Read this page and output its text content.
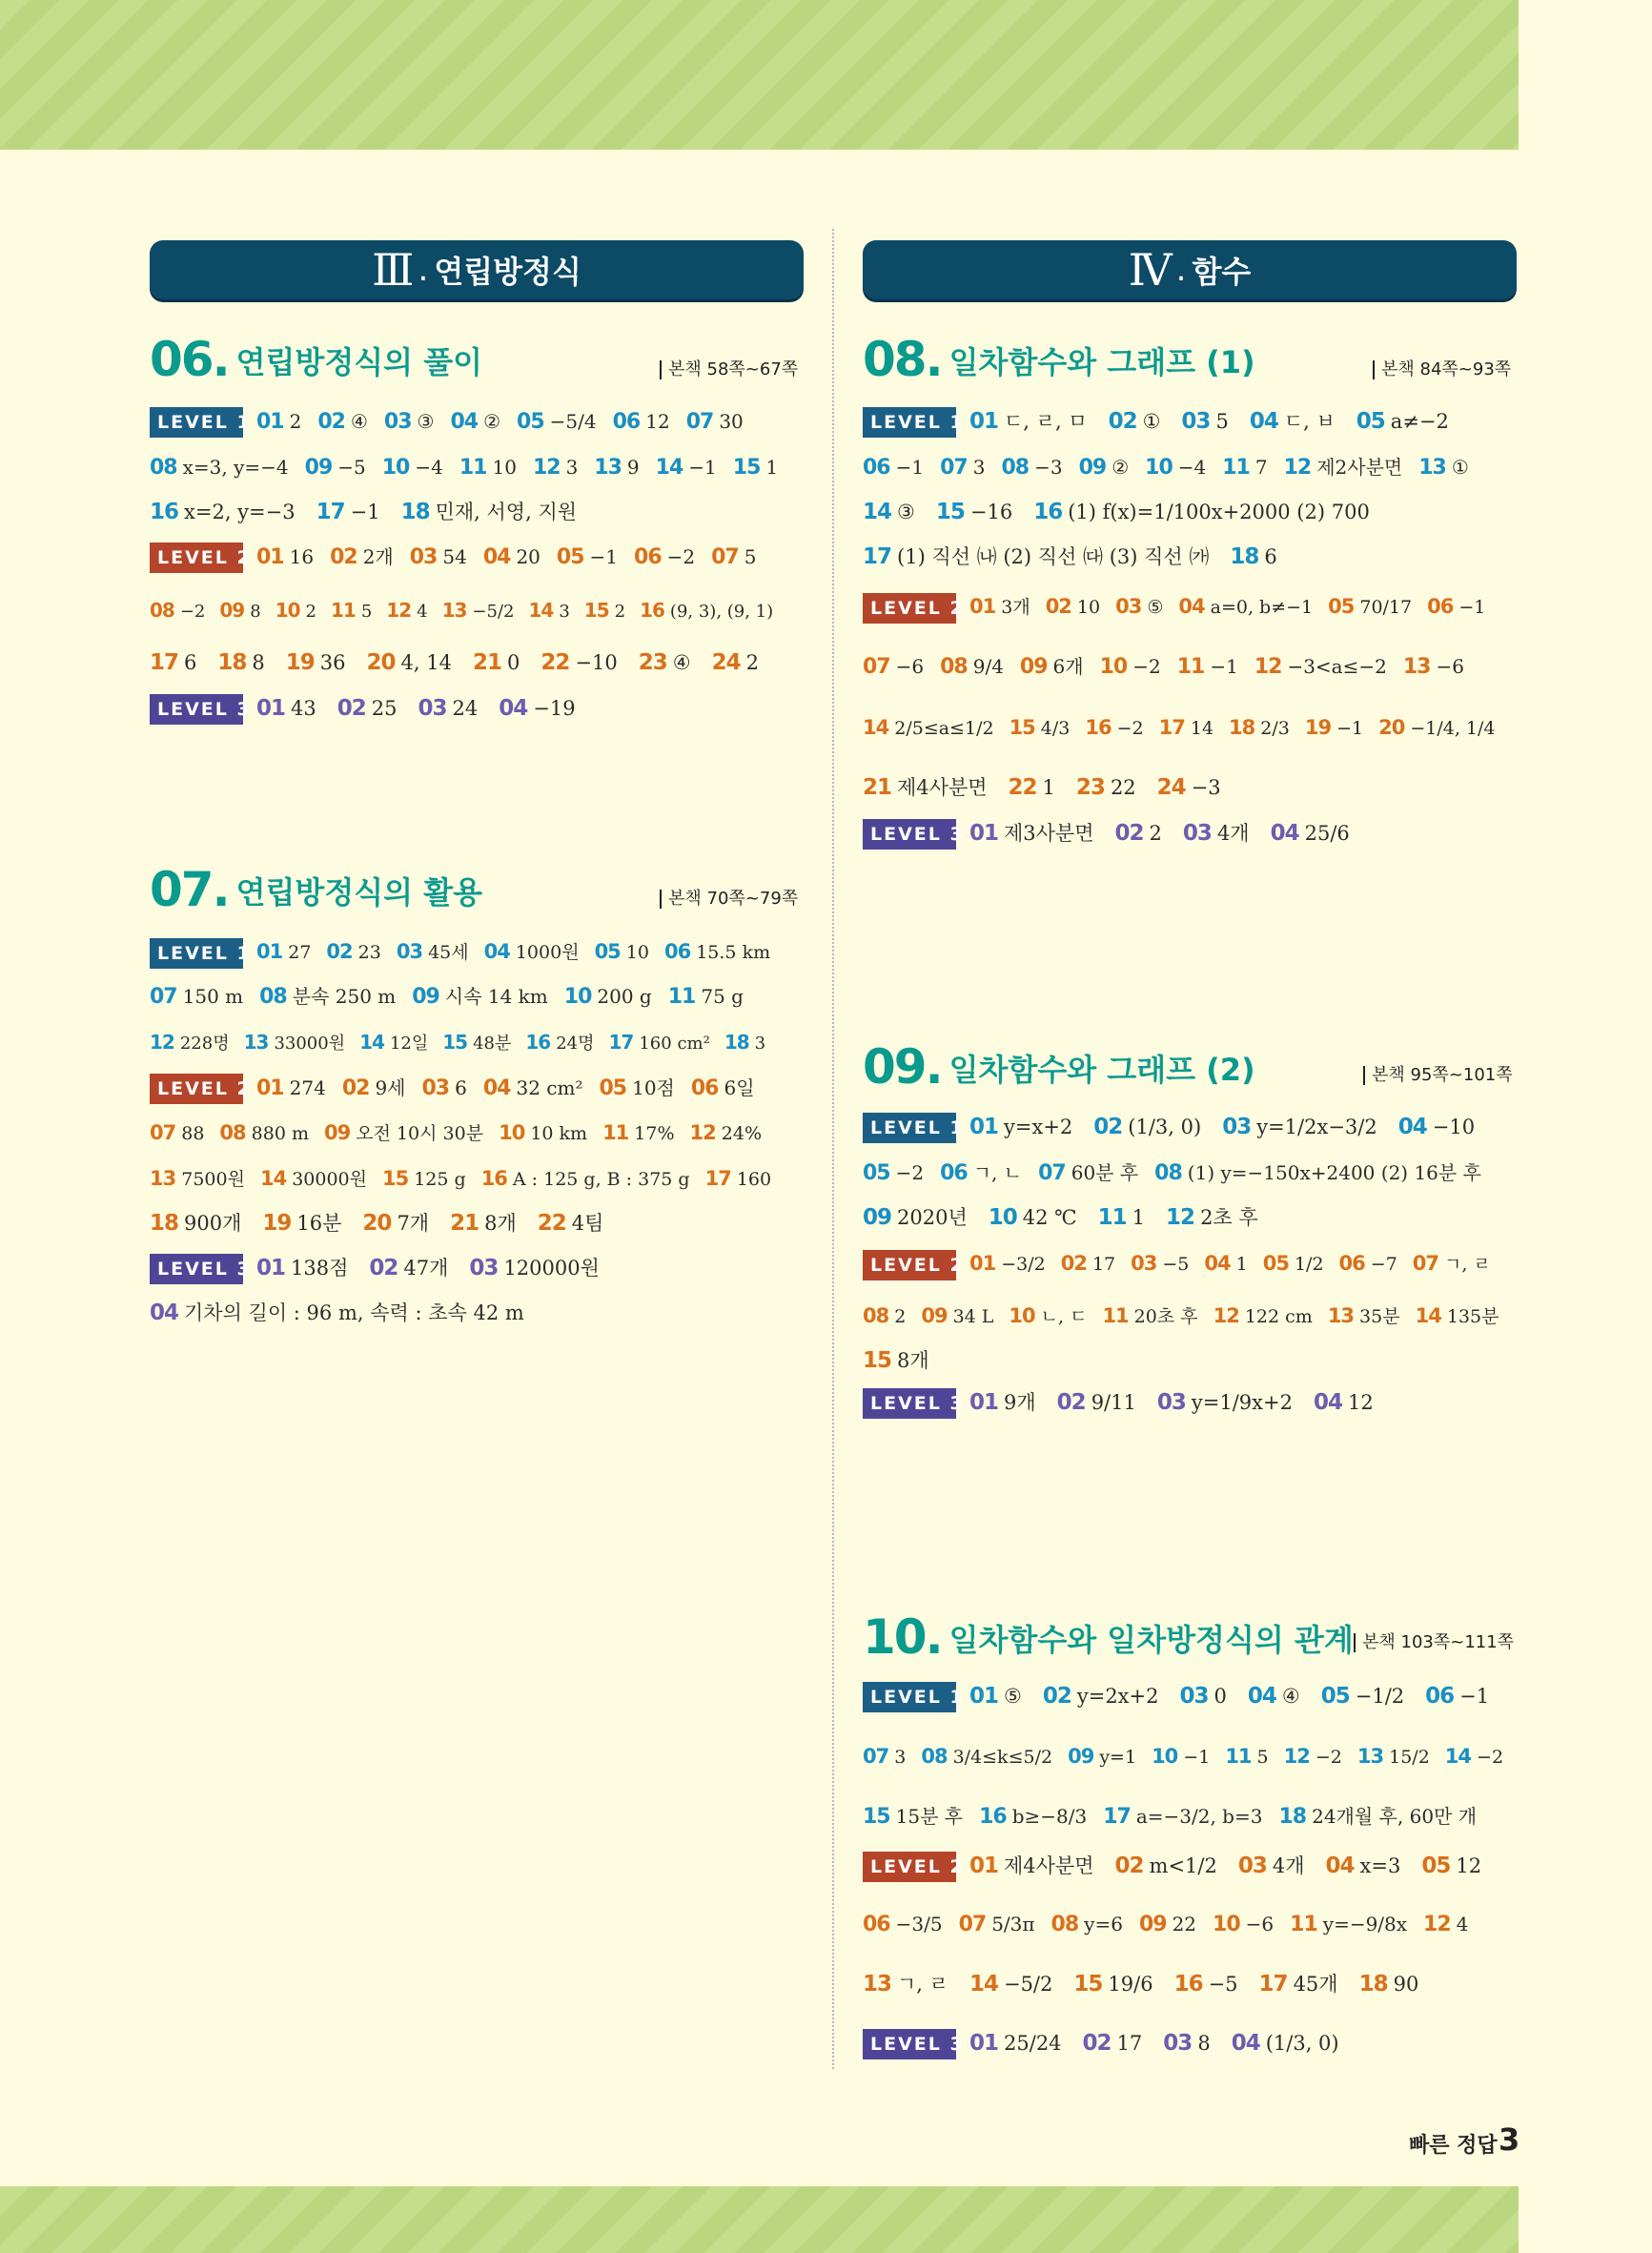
Ⅲ . 연립방정식	Ⅳ . 함수
06 . 연립방정식의 풀이	본책 58쪽~67쪽
07 . 연립방정식의 활용	본책 70쪽~79쪽
08 . 일차함수와 그래프 (1)	본책 84쪽~93쪽
09 . 일차함수와 그래프 (2)	본책 95쪽~101쪽
10 . 일차함수와 일차방정식의 관계 본책 103쪽~111쪽
LEVEL 1 01 2 02 ④ 03 ③ 04 ② 05 −5/4 06 12 07 30
08 x=3, y=−4 09 −5 10 −4 11 10 12 3 13 9 14 −1 15 1
16 x=2, y=−3 17 −1 18 민재, 서영, 지원
LEVEL 2 01 16 02 2개 03 54 04 20 05 −1 06 −2 07 5
08 −2 09 8 10 2 11 5 12 4 13 −5/2 14 3 15 2 16 (9, 3), (9, 1)
17 6 18 8 19 36 20 4, 14 21 0 22 −10 23 ④ 24 2
LEVEL 3 01 43 02 25 03 24 04 −19
LEVEL 1 01 27 02 23 03 45세 04 1000원 05 10 06 15.5 km
07 150 m 08 분속 250 m 09 시속 14 km 10 200 g 11 75 g
12 228명 13 33000원 14 12일 15 48분 16 24명 17 160 cm² 18 3
LEVEL 2 01 274 02 9세 03 6 04 32 cm² 05 10점 06 6일
07 88 08 880 m 09 오전 10시 30분 10 10 km 11 17% 12 24%
13 7500원 14 30000원 15 125 g 16 A : 125 g, B : 375 g 17 160
18 900개 19 16분 20 7개 21 8개 22 4팀
LEVEL 3 01 138점 02 47개 03 120000원
04 기차의 길이 : 96 m, 속력 : 초속 42 m
LEVEL 1 01 ㄷ, ㄹ, ㅁ 02 ① 03 5 04 ㄷ, ㅂ 05 a≠−2
06 −1 07 3 08 −3 09 ② 10 −4 11 7 12 제2사분면 13 ①
14 ③ 15 −16 16 (1) f(x)=1/100x+2000 (2) 700
17 (1) 직선 ㈏ (2) 직선 ㈐ (3) 직선 ㈎ 18 6
LEVEL 2 01 3개 02 10 03 ⑤ 04 a=0, b≠−1 05 70/17 06 −1
07 −6 08 9/4 09 6개 10 −2 11 −1 12 −3<a≤−2 13 −6
14 2/5≤a≤1/2 15 4/3 16 −2 17 14 18 2/3 19 −1 20 −1/4, 1/4
21 제4사분면 22 1 23 22 24 −3
LEVEL 3 01 제3사분면 02 2 03 4개 04 25/6
LEVEL 1 01 y=x+2 02 (1/3, 0) 03 y=1/2x−3/2 04 −10
05 −2 06 ㄱ, ㄴ 07 60분 후 08 (1) y=−150x+2400 (2) 16분 후
09 2020년 10 42 ℃ 11 1 12 2초 후
LEVEL 2 01 −3/2 02 17 03 −5 04 1 05 1/2 06 −7 07 ㄱ, ㄹ
08 2 09 34 L 10 ㄴ, ㄷ 11 20초 후 12 122 cm 13 35분 14 135분
15 8개
LEVEL 3 01 9개 02 9/11 03 y=1/9x+2 04 12
LEVEL 1 01 ⑤ 02 y=2x+2 03 0 04 ④ 05 −1/2 06 −1
07 3 08 3/4≤k≤5/2 09 y=1 10 −1 11 5 12 −2 13 15/2 14 −2
15 15분 후 16 b≥−8/3 17 a=−3/2, b=3 18 24개월 후, 60만 개
LEVEL 2 01 제4사분면 02 m<1/2 03 4개 04 x=3 05 12
06 −3/5 07 5/3π 08 y=6 09 22 10 −6 11 y=−9/8x 12 4
13 ㄱ, ㄹ 14 −5/2 15 19/6 16 −5 17 45개 18 90
LEVEL 3 01 25/24 02 17 03 8 04 (1/3, 0)
빠른 정답 3
